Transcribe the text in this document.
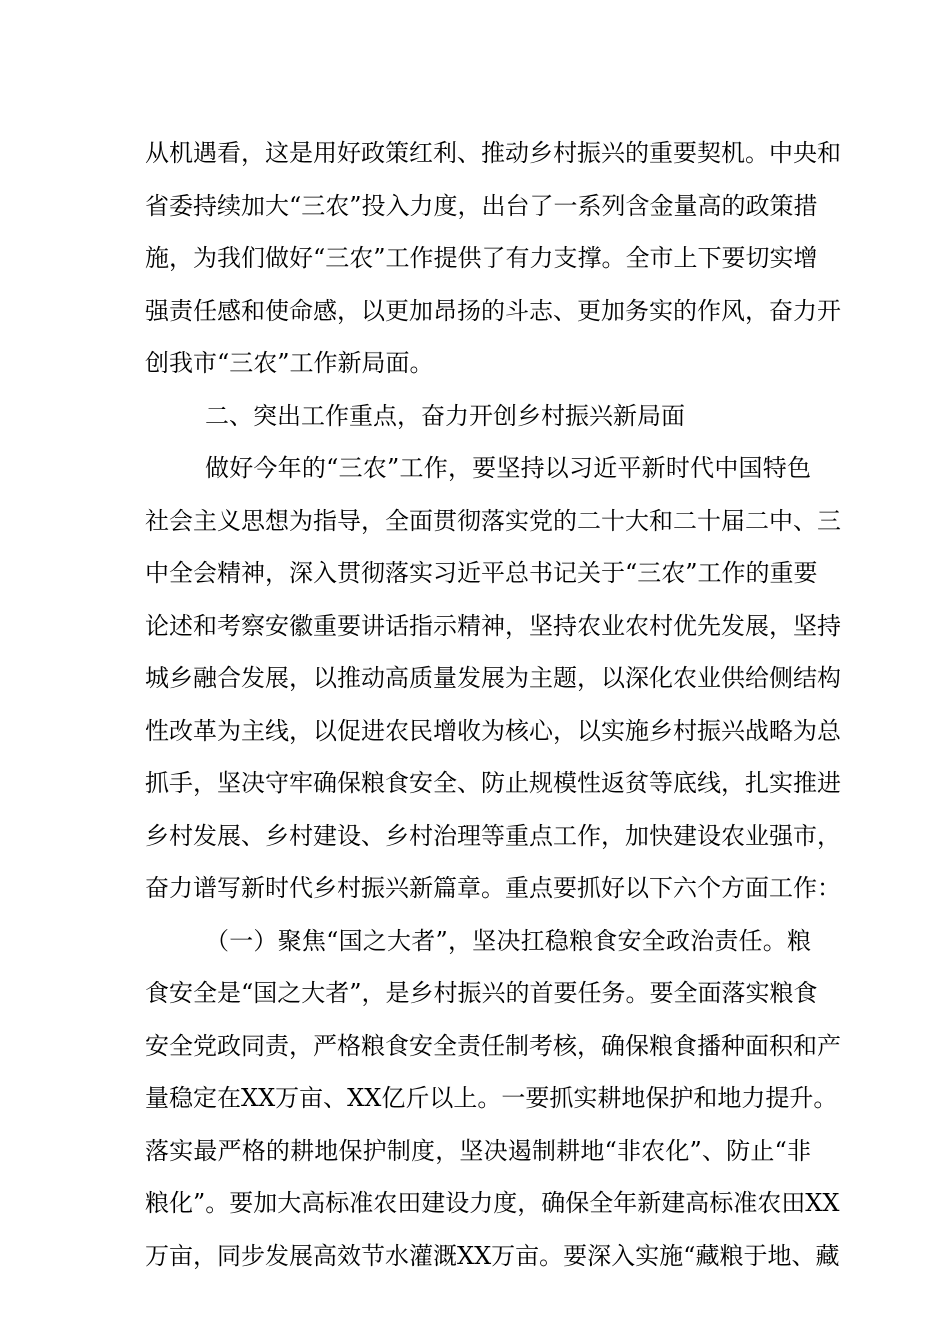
从机遇看，这是用好政策红利、推动乡村振兴的重要契机。中央和
省委持续加大“三农”投入力度，出台了一系列含金量高的政策措
施，为我们做好“三农”工作提供了有力支撑。全市上下要切实增
强责任感和使命感，以更加昂扬的斗志、更加务实的作风，奋力开
创我市“三农”工作新局面。
二、突出工作重点，奋力开创乡村振兴新局面
做好今年的“三农”工作，要坚持以习近平新时代中国特色
社会主义思想为指导，全面贯彻落实党的二十大和二十届二中、三
中全会精神，深入贯彻落实习近平总书记关于“三农”工作的重要
论述和考察安徽重要讲话指示精神，坚持农业农村优先发展，坚持
城乡融合发展，以推动高质量发展为主题，以深化农业供给侧结构
性改革为主线，以促进农民增收为核心，以实施乡村振兴战略为总
抓手，坚决守牢确保粮食安全、防止规模性返贫等底线，扎实推进
乡村发展、乡村建设、乡村治理等重点工作，加快建设农业强市，
奋力谱写新时代乡村振兴新篇章。重点要抓好以下六个方面工作：
（一）聚焦“国之大者”，坚决扛稳粮食安全政治责任。粮
食安全是“国之大者”，是乡村振兴的首要任务。要全面落实粮食
安全党政同责，严格粮食安全责任制考核，确保粮食播种面积和产
量稳定在XX万亩、XX亿斤以上。一要抓实耕地保护和地力提升。
落实最严格的耕地保护制度，坚决遏制耕地“非农化”、防止“非
粮化”。要加大高标准农田建设力度，确保全年新建高标准农田XX
万亩，同步发展高效节水灌溉XX万亩。要深入实施“藏粮于地、藏
